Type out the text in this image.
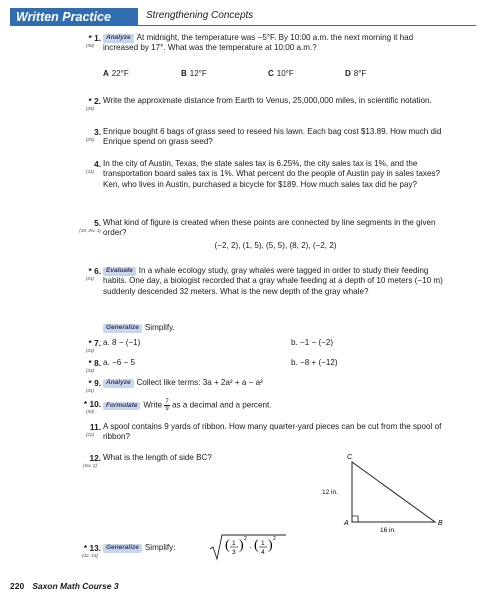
Written Practice	Strengthening Concepts
* 1.
(30)
Analyze At midnight, the temperature was −5°F. By 10:00 a.m. the next morning it had increased by 17°. What was the temperature at 10:00 a.m.?
A 22°F	B 12°F	C 10°F	D 8°F
* 2.
(26)
Write the approximate distance from Earth to Venus, 25,000,000 miles, in scientific notation.
3.
(25)
Enrique bought 6 bags of grass seed to reseed his lawn. Each bag cost $13.89. How much did Enrique spend on grass seed?
4.
(11)
In the city of Austin, Texas, the state sales tax is 6.25%, the city sales tax is 1%, and the transportation board sales tax is 1%. What percent do the people of Austin pay in sales taxes? Ken, who lives in Austin, purchased a bicycle for $189. How much sales tax did he pay?
5.
(19, Inv. 1)
What kind of figure is created when these points are connected by line segments in the given order?
(−2, 2), (1, 5), (5, 5), (8, 2), (−2, 2)
* 6.
(31)
Evaluate In a whale ecology study, gray whales were tagged in order to study their feeding habits. One day, a biologist recorded that a gray whale feeding at a depth of 10 meters (−10 m) suddenly descended 32 meters. What is the new depth of the gray whale?
Generalize Simplify.
* 7.
(33)
a. 8 − (−1)	b. −1 − (−2)
* 8.
(33)
a. −6 − 5	b. −8 + (−12)
* 9.
(31)
Analyze Collect like terms: 3a + 2a² + a − a²
* 10.
(30)
Formulate Write $\frac{7}{9}$ as a decimal and a percent.
11.
(22)
A spool contains 9 yards of ribbon. How many quarter-yard pieces can be cut from the spool of ribbon?
12.
(Inv. 2)
What is the length of side BC?	C
A	B
12 in.
16 in.
* 13.
(22, 15)
Generalize Simplify:	( 1
3 ) 2
· ( 1
4 ) 2
220 Saxon Math Course 3
